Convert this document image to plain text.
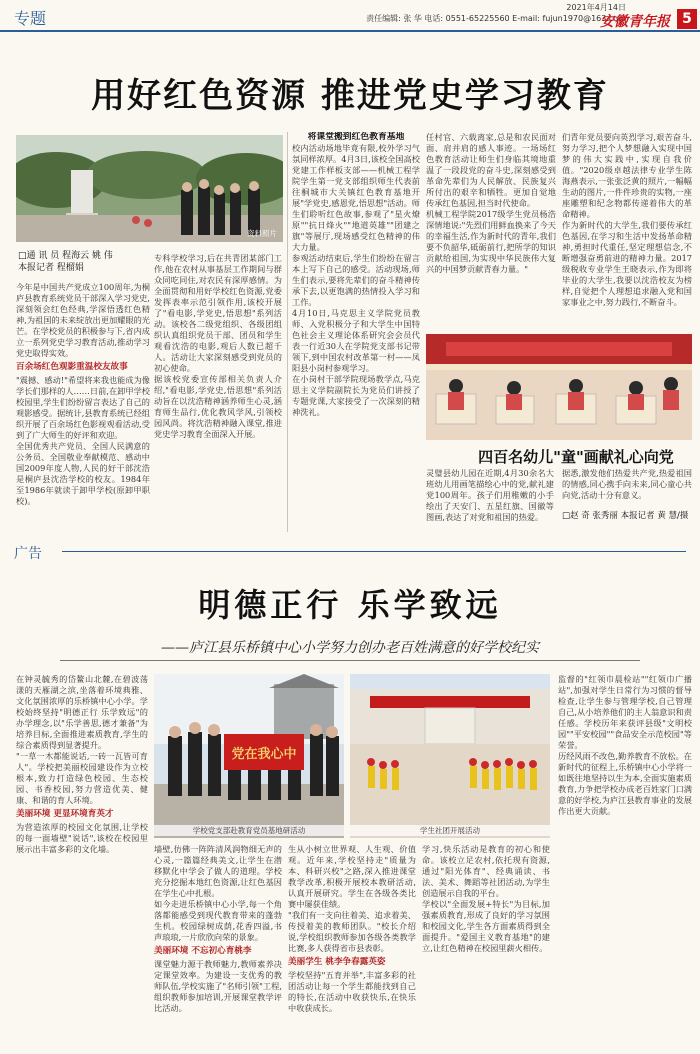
专题
2021年4月14日
责任编辑: 张 华 电话: 0551-65225560 E-mail: fujun1970@163.com
安徽青年报 5
用好红色资源 推进党史学习教育
资料照片
□通 讯 员 程海云 姚 伟
本报记者 程榴娟
今年是中国共产党成立100周年,为桐庐县教育系统党员干部深入学习党史,深刻领会红色经典,学深悟透红色精神,为祖国的未来绽放出更加耀眼的光芒。在学校党员的积极参与下,省内成立一系列党史学习教育活动,推动学习党史取得实效。
百余场红色观影重温校友故事
"震撼、感动!"希望将来我也能成为像学长们那样的人……日前,在卸甲学校校园里,学生们纷纷留言表达了自己的观影感受。据统计,县教育系统已经组织开展了百余场红色影视观看活动,受到了广大师生的好评和欢迎。
全国优秀共产党员、全国人民满意的公务员、全国敬业奉献模范、感动中国2009年度人物,人民的好干部沈浩是桐庐县沈浩学校的校友。1984年至1986年就读于卸甲学校(原卸甲职校)。
专科学校学习,后在共青团某部门工作,他在农村从事基层工作期间与群众同吃同住,对农民有深厚感情。为全面贯彻和用好学校红色资源,党委发挥表率示范引领作用,该校开展了"看电影,学党史,悟思想"系列活动。该校各二级党组织、各级团组织认真组织党员干部、团员和学生观看沈浩的电影,观后人数已超千人。活动让大家深刻感受到党员的初心使命。
据该校党委宣传部相关负责人介绍,"看电影,学党史,悟思想"系列活动旨在以沈浩精神涵养师生心灵,涵育师生品行,优化教风学风,引领校园风尚。将沈浩精神融入课堂,推进党史学习教育全面深入开展。
将课堂搬到红色教育基地
校内活动场地毕竟有限,校外学习气氛同样浓厚。4月3日,该校全国高校党建工作样板支部——机械工程学院学生第一党支部组织师生代表前往桐城市大关镇红色教育基地开展"学党史,感恩党,悟思想"活动。师生们聆听红色故事,参观了"星火燎原""抗日烽火""地道英雄""团建之旗"等展厅,现场感受红色精神的伟大力量。
参观活动结束后,学生们纷纷在留言本上写下自己的感受。活动现场,师生们表示,要将先辈们的奋斗精神传承下去,以更饱满的热情投入学习和工作。
4月10日,马克思主义学院党员教师、入党积极分子和大学生中国特色社会主义理论体系研究会会员代表一行近30人在学院党支部书记带领下,到中国农村改革第一村——凤阳县小岗村参观学习。
在小岗村干部学院现场教学点,马克思主义学院副院长为党员们讲授了专题党课,大家接受了一次深刻的精神洗礼。
任村官、六载离家,总是和农民面对面、肩并肩的感人事迹。一场场红色教育活动让师生们身临其境地重温了一段段党的奋斗史,深刻感受到革命先辈们为人民解放、民族复兴所付出的艰辛和牺牲。更加自觉地传承红色基因,担当时代使命。
机械工程学院2017级学生党员杨浩深情地说:"先烈们用鲜血换来了今天的幸福生活,作为新时代的青年,我们要不负韶华,砥砺前行,把所学的知识贡献给祖国,为实现中华民族伟大复兴的中国梦贡献青春力量。"
们青年党员要向英烈学习,艰苦奋斗,努力学习,把个人梦想融入实现中国梦的伟大实践中,实现自我价值。"2020级卓越法律专业学生陈海燕表示,一张张泛黄的照片,一幅幅生动的图片,一件件珍贵的实物,一座座雕塑和纪念物都传递着伟大的革命精神。
作为新时代的大学生,我们要传承红色基因,在学习和生活中发扬革命精神,勇担时代重任,坚定理想信念,不断增强奋勇前进的精神力量。2017级税收专业学生王晓表示,作为即将毕业的大学生,我要以沈浩校友为榜样,自觉把个人理想追求融入党和国家事业之中,努力践行,不断奋斗。
四百名幼儿"童"画献礼心向党
灵璧县幼儿园在近期,4月30余名大班幼儿用画笔描绘心中的党,献礼建党100周年。孩子们用稚嫩的小手绘出了天安门、五星红旗、国徽等图画,表达了对党和祖国的热爱。
据悉,激发他们热爱共产党,热爱祖国的情感,同心携手向未来,同心童心共向党,活动十分有意义。
□赵 奇 张秀丽 本报记者 黄 慧/摄
广告
明德正行 乐学致远
——庐江县乐桥镇中心小学努力创办老百姓满意的好学校纪实
在钟灵毓秀的岱鳌山北麓,在碧波荡漾的天雁湖之滨,坐落着环境典雅、文化氛围浓厚的乐桥镇中心小学。学校始终坚持"明德正行 乐学致远"的办学理念,以"乐学善思,德才兼备"为培养目标,全面推进素质教育,学生的综合素质得到显著提升。
"一草一木都能说话,一砖一瓦皆可育人"。学校把美丽校园建设作为立校根本,致力打造绿色校园、生态校园、书香校园,努力营造优美、健康、和谐的育人环境。
美丽环境 更显环境育英才
为营造浓厚的校园文化氛围,让学校的每一面墙壁"说话",该校在校园里展示出丰富多彩的文化墙。
党在我心中
学校党支部赴教育党员基地研活动	学生社团开展活动
墙壁,仿佛一阵阵清风润物细无声的心灵,一篇篇经典美文,让学生在潜移默化中学会了做人的道理。学校充分挖掘本地红色资源,让红色基因在学生心中扎根。
如今走进乐桥镇中心小学,每一个角落都能感受到现代教育带来的蓬勃生机。校园绿树成荫,花香四溢,书声琅琅,一片欣欣向荣的景象。
美丽环境 不忘初心育桃李
课堂魅力源于教师魅力,教师素养决定课堂效率。为建设一支优秀的教师队伍,学校实施了"名师引领"工程,组织教师参加培训,开展课堂教学评比活动。
生从小树立世界观、人生观、价值观。近年来,学校坚持走"质量为本、科研兴校"之路,深入推进课堂教学改革,积极开展校本教研活动,认真开展研究。学生在各级各类比赛中屡获佳绩。
"我们有一支向往着美、追求着美、传授着美的教师团队。"校长介绍说,学校组织教师参加各级各类教学比赛,多人获得省市县表彰。
美丽学生 桃李争春露英姿
学校坚持"五育并举",丰富多彩的社团活动让每一个学生都能找到自己的特长,在活动中收获快乐,在快乐中收获成长。
学习,快乐活动是教育的初心和使命。该校立足农村,依托现有资源,通过"阳光体育"、经典诵读、书法、美术、舞蹈等社团活动,为学生创造展示自我的平台。
学校以"全面发展+特长"为目标,加强素质教育,形成了良好的学习氛围和校园文化,学生各方面素质得到全面提升。"爱国主义教育基地"的建立,让红色精神在校园里薪火相传。
监督的"红领巾晨检站""红领巾广播站",加强对学生日常行为习惯的督导检查,让学生参与管理学校,自己管理自己,从小培养他们的主人翁意识和责任感。学校历年来获评县级"文明校园""平安校园""食品安全示范校园"等荣誉。
历经风雨不改色,勤养教育不放松。在新时代的征程上,乐桥镇中心小学将一如既往地坚持以生为本,全面实施素质教育,力争把学校办成老百姓家门口满意的好学校,为庐江县教育事业的发展作出更大贡献。
